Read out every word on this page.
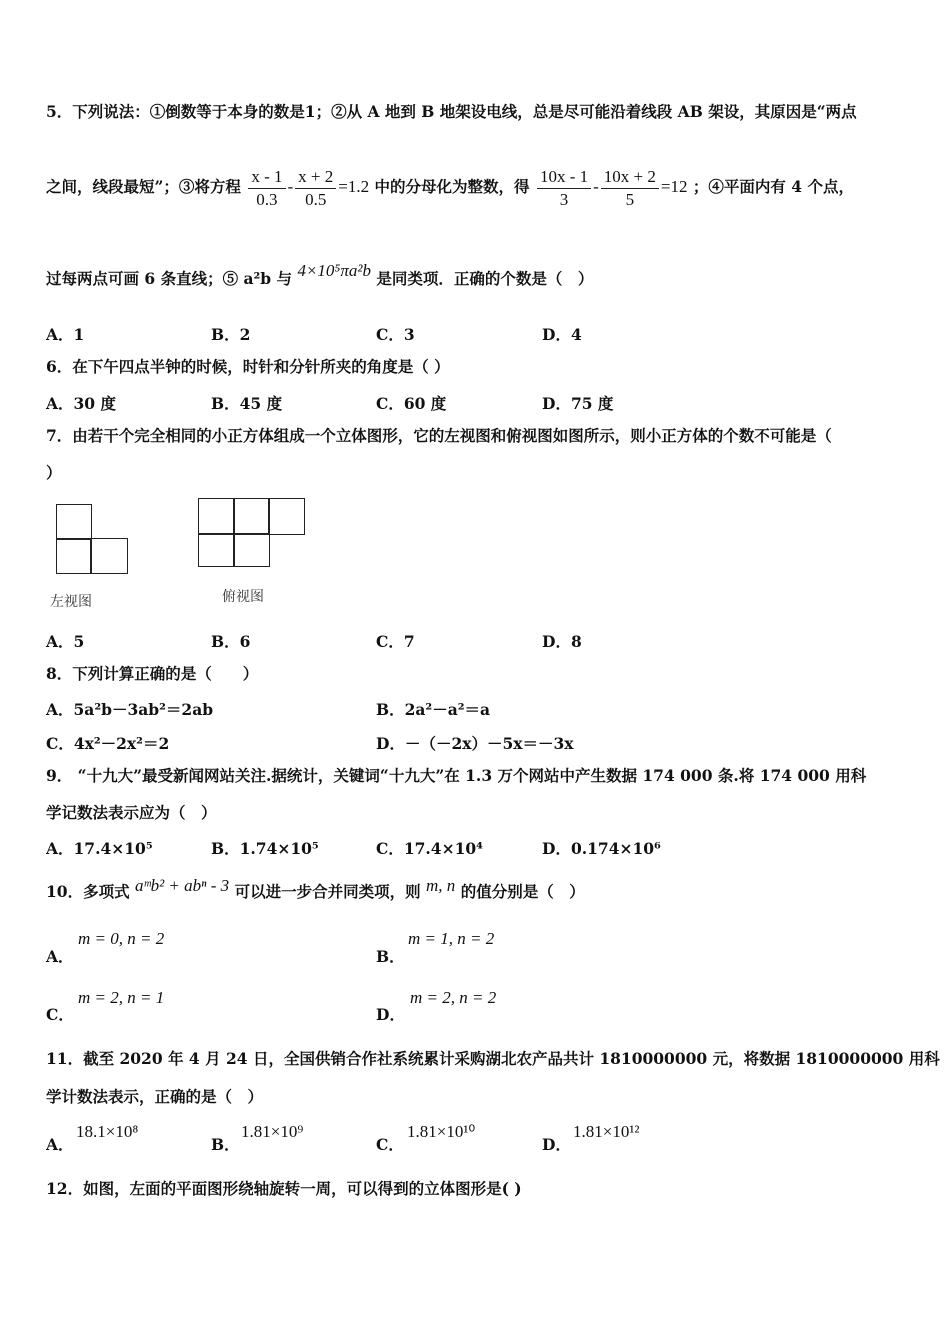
5．下列说法：①倒数等于本身的数是1；②从 A 地到 B 地架设电线，总是尽可能沿着线段 AB 架设，其原因是“两点
之间，线段最短”；③将方程 $\frac{x - 1}{0.3} - \frac{x + 2}{0.5} =1.2$ 中的分母化为整数，得 $\frac{10x - 1}{3} - \frac{10x + 2}{5} =12$ ；④平面内有 4 个点，
过每两点可画 6 条直线；⑤ a²b 与 4×10⁵πa²b 是同类项．正确的个数是（　）
A．1	B．2	C．3	D．4
6．在下午四点半钟的时候，时针和分针所夹的角度是（ ）
A．30 度	B．45 度	C．60 度	D．75 度
7．由若干个完全相同的小正方体组成一个立体图形，它的左视图和俯视图如图所示，则小正方体的个数不可能是（
）
左视图	俯视图
A．5	B．6	C．7	D．8
8．下列计算正确的是（　　）
A．5a²b－3ab²＝2ab	B．2a²－a²＝a
C．4x²－2x²＝2	D．－（－2x）－5x＝－3x
9． “十九大”最受新闻网站关注.据统计，关键词“十九大”在 1.3 万个网站中产生数据 174 000 条.将 174 000 用科
学记数法表示应为（　）
A．17.4×10⁵	B．1.74×10⁵	C．17.4×10⁴	D．0.174×10⁶
10．多项式 aᵐb² + abⁿ - 3 可以进一步合并同类项，则 m, n 的值分别是（　）
A．
m = 0, n = 2
B．
m = 1, n = 2
C．
m = 2, n = 1
D．
m = 2, n = 2
11．截至 2020 年 4 月 24 日，全国供销合作社系统累计采购湖北农产品共计 1810000000 元，将数据 1810000000 用科
学计数法表示，正确的是（　）
A．
18.1×10⁸
B．
1.81×10⁹
C．
1.81×10¹⁰
D．
1.81×10¹²
12．如图，左面的平面图形绕轴旋转一周，可以得到的立体图形是( )
